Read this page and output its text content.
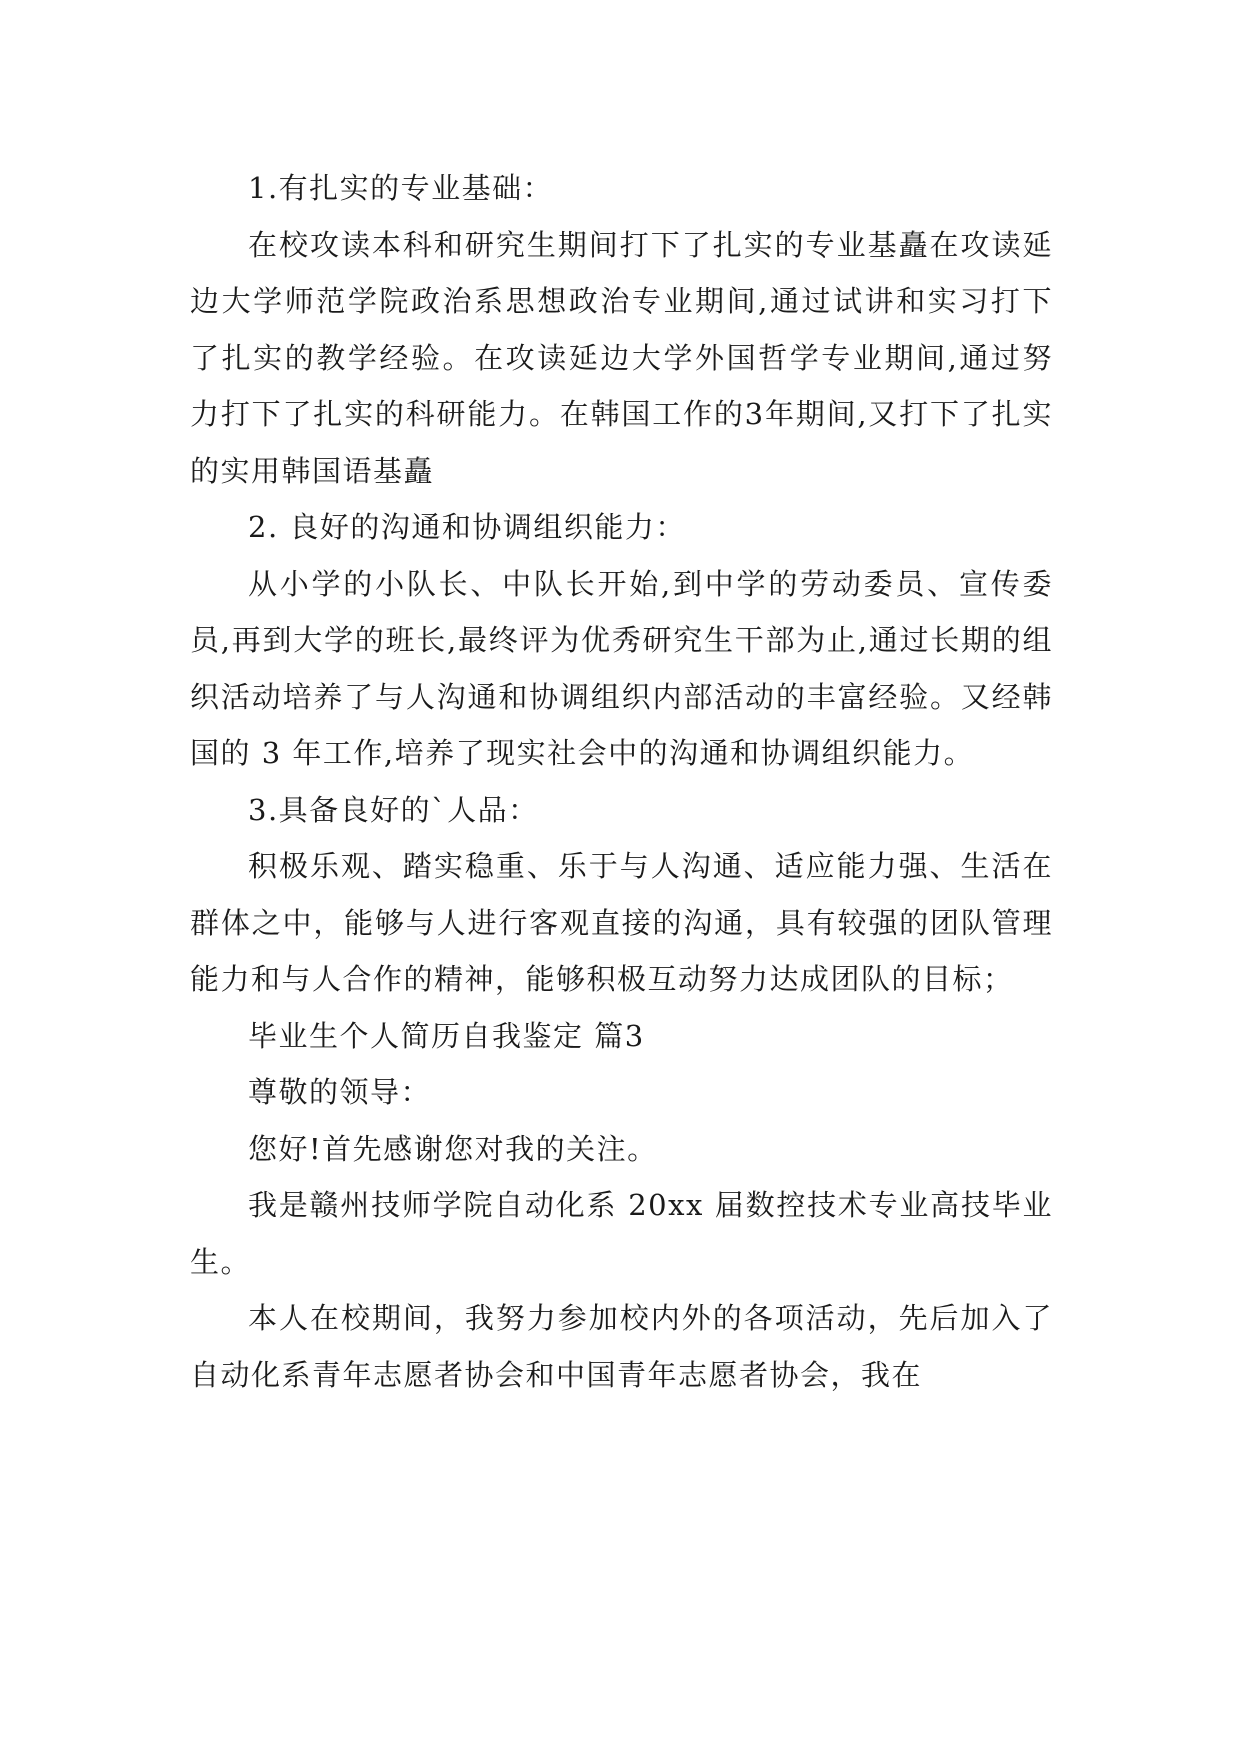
1.有扎实的专业基础：

在校攻读本科和研究生期间打下了扎实的专业基矗在攻读延边大学师范学院政治系思想政治专业期间,通过试讲和实习打下了扎实的教学经验。在攻读延边大学外国哲学专业期间,通过努力打下了扎实的科研能力。在韩国工作的3年期间,又打下了扎实的实用韩国语基矗

2. 良好的沟通和协调组织能力：

从小学的小队长、中队长开始,到中学的劳动委员、宣传委员,再到大学的班长,最终评为优秀研究生干部为止,通过长期的组织活动培养了与人沟通和协调组织内部活动的丰富经验。又经韩国的 3 年工作,培养了现实社会中的沟通和协调组织能力。

3.具备良好的`人品：

积极乐观、踏实稳重、乐于与人沟通、适应能力强、生活在群体之中，能够与人进行客观直接的沟通，具有较强的团队管理能力和与人合作的精神，能够积极互动努力达成团队的目标；

毕业生个人简历自我鉴定 篇3

尊敬的领导：

您好!首先感谢您对我的关注。

我是赣州技师学院自动化系 20xx 届数控技术专业高技毕业生。

本人在校期间，我努力参加校内外的各项活动，先后加入了自动化系青年志愿者协会和中国青年志愿者协会，我在
